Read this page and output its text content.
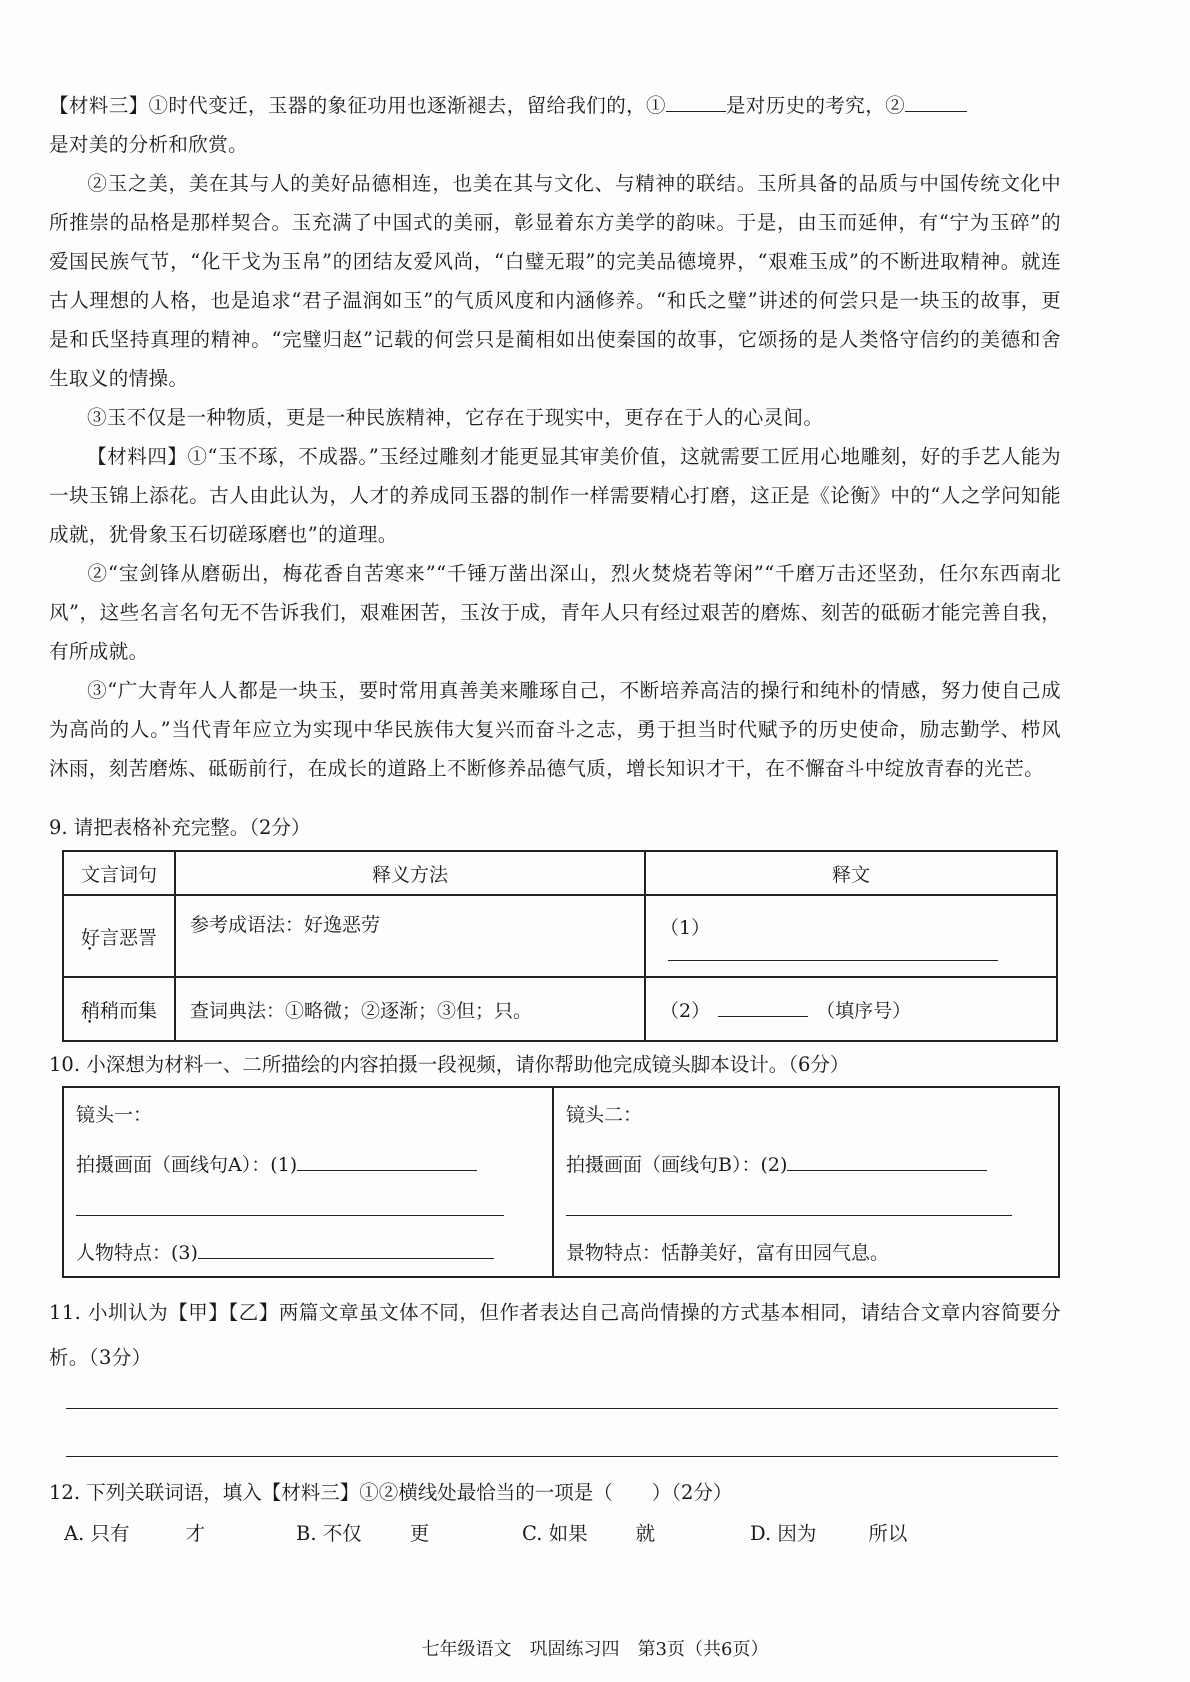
【材料三】①时代变迁，玉器的象征功用也逐渐褪去，留给我们的，①	是对历史的考究，②
是对美的分析和欣赏。

②玉之美，美在其与人的美好品德相连，也美在其与文化、与精神的联结。玉所具备的品质与中国传统文化中所推崇的品格是那样契合。玉充满了中国式的美丽，彰显着东方美学的韵味。于是，由玉而延伸，有“宁为玉碎”的爱国民族气节，“化干戈为玉帛”的团结友爱风尚，“白璧无瑕”的完美品德境界，“艰难玉成”的不断进取精神。就连古人理想的人格，也是追求“君子温润如玉”的气质风度和内涵修养。“和氏之璧”讲述的何尝只是一块玉的故事，更是和氏坚持真理的精神。“完璧归赵”记载的何尝只是蔺相如出使秦国的故事，它颂扬的是人类恪守信约的美德和舍生取义的情操。

③玉不仅是一种物质，更是一种民族精神，它存在于现实中，更存在于人的心灵间。

【材料四】①“玉不琢，不成器。”玉经过雕刻才能更显其审美价值，这就需要工匠用心地雕刻，好的手艺人能为一块玉锦上添花。古人由此认为，人才的养成同玉器的制作一样需要精心打磨，这正是《论衡》中的“人之学问知能成就，犹骨象玉石切磋琢磨也”的道理。

②“宝剑锋从磨砺出，梅花香自苦寒来”“千锤万凿出深山，烈火焚烧若等闲”“千磨万击还坚劲，任尔东西南北风”，这些名言名句无不告诉我们，艰难困苦，玉汝于成，青年人只有经过艰苦的磨炼、刻苦的砥砺才能完善自我，有所成就。

③“广大青年人人都是一块玉，要时常用真善美来雕琢自己，不断培养高洁的操行和纯朴的情感，努力使自己成为高尚的人。”当代青年应立为实现中华民族伟大复兴而奋斗之志，勇于担当时代赋予的历史使命，励志勤学、栉风沐雨，刻苦磨炼、砥砺前行，在成长的道路上不断修养品德气质，增长知识才干，在不懈奋斗中绽放青春的光芒。

9. 请把表格补充完整。（2分）

文言词句	释义方法	释文
好言恶詈	参考成语法：好逸恶劳	（1）
稍稍而集	查词典法：①略微；②逐渐；③但；只。	（2） （填序号）

10. 小深想为材料一、二所描绘的内容拍摄一段视频，请你帮助他完成镜头脚本设计。（6分）

镜头一：
拍摄画面（画线句A）：(1)
人物特点：(3)
镜头二：
拍摄画面（画线句B）：(2)
景物特点：恬静美好，富有田园气息。

11. 小圳认为【甲】【乙】两篇文章虽文体不同，但作者表达自己高尚情操的方式基本相同，请结合文章内容简要分析。（3分）

12. 下列关联词语，填入【材料三】①②横线处最恰当的一项是（　　）（2分）

A. 只有	才	B. 不仅 更	C. 如果 就	D. 因为	所以
七年级语文　巩固练习四　第3页（共6页）
